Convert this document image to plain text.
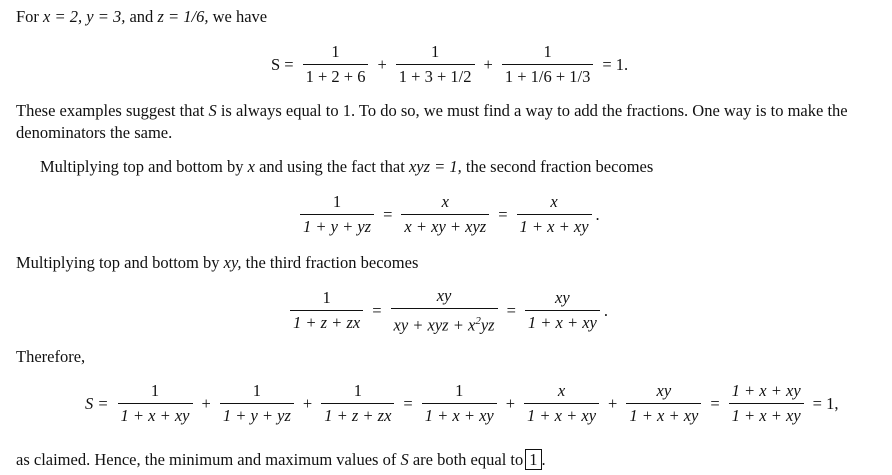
For x = 2, y = 3, and z = 1/6, we have
$S = \frac{1}{1 + 2 + 6} + \frac{1}{1 + 3 + 1/2} + \frac{1}{1 + 1/6 + 1/3} = 1$.
These examples suggest that S is always equal to 1. To do so, we must find a way to add the fractions. One way is to make the denominators the same.
Multiplying top and bottom by x and using the fact that xyz = 1, the second fraction becomes
$\frac{1}{1 + y + yz} = \frac{x}{\text{x + xy + xyz}} = \frac{x}{1 + x + xy}$ .
Multiplying top and bottom by xy, the third fraction becomes
$\frac{1}{1 + z + zx} = \frac{xy}{xy + xyz + x^2yz} = \frac{xy}{1 + x + xy}$ .
Therefore,
$S = \frac{1}{1 + x + xy} + \frac{1}{1 + y + yz} + \frac{1}{1 + z + zx} = \frac{1}{1 + x + xy} + \frac{x}{1 + x + xy} + \frac{xy}{1 + x + xy} = \frac{1 + x + xy}{1 + x + xy} = 1$,
as claimed. Hence, the minimum and maximum values of S are both equal to 1 .
